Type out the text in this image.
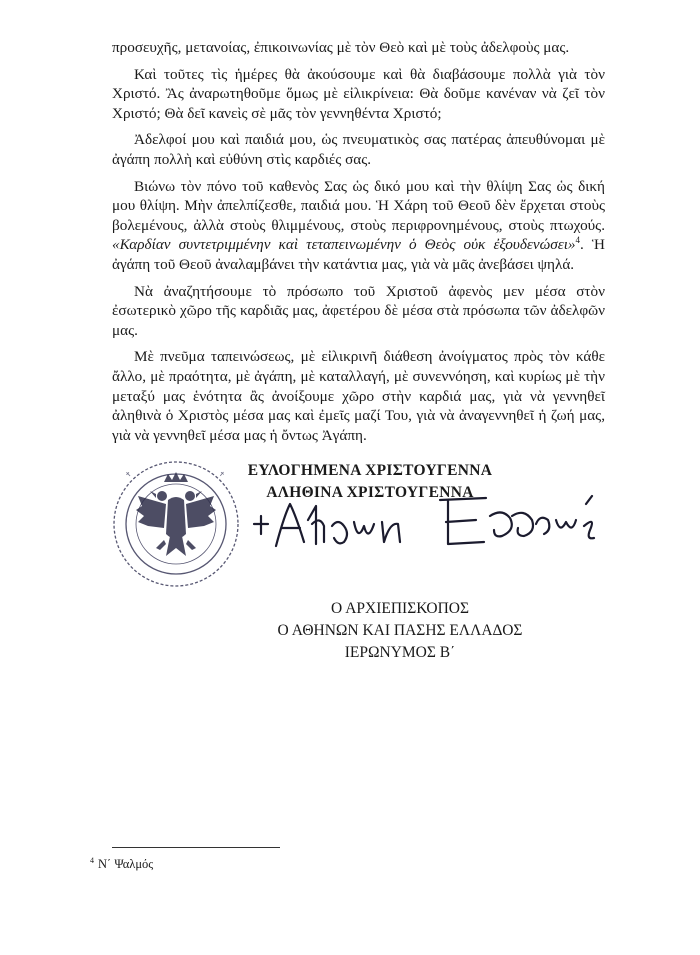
προσευχῆς, μετανοίας, ἐπικοινωνίας μὲ τὸν Θεὸ καὶ μὲ τοὺς ἀδελφοὺς μας.

Καὶ τοῦτες τὶς ἡμέρες θὰ ἀκούσουμε καὶ θὰ διαβάσουμε πολλὰ γιὰ τὸν Χριστό. Ἂς ἀναρωτηθοῦμε ὅμως μὲ εἰλικρίνεια: Θὰ δοῦμε κανέναν νὰ ζεῖ τὸν Χριστό; Θὰ δεῖ κανεὶς σὲ μᾶς τὸν γεννηθέντα Χριστό;

Ἀδελφοί μου καὶ παιδιά μου, ὡς πνευματικὸς σας πατέρας ἀπευθύνομαι μὲ ἀγάπη πολλὴ καὶ εὐθύνη στὶς καρδιές σας.

Βιώνω τὸν πόνο τοῦ καθενὸς Σας ὡς δικό μου καὶ τὴν θλίψη Σας ὡς δική μου θλίψη. Μὴν ἀπελπίζεσθε, παιδιά μου. Ἡ Χάρη τοῦ Θεοῦ δὲν ἔρχεται στοὺς βολεμένους, ἀλλὰ στοὺς θλιμμένους, στοὺς περιφρονημένους, στοὺς πτωχούς. «Καρδίαν συντετριμμένην καὶ τεταπεινωμένην ὁ Θεὸς οὐκ ἐξουδενώσει»$^4$. Ἡ ἀγάπη τοῦ Θεοῦ ἀναλαμβάνει τὴν κατάντια μας, γιὰ νὰ μᾶς ἀνεβάσει ψηλά.

Νὰ ἀναζητήσουμε τὸ πρόσωπο τοῦ Χριστοῦ ἀφενὸς μεν μέσα στὸν ἐσωτερικὸ χῶρο τῆς καρδιᾶς μας, ἀφετέρου δὲ μέσα στὰ πρόσωπα τῶν ἀδελφῶν μας.

Μὲ πνεῦμα ταπεινώσεως, μὲ εἰλικρινῆ διάθεση ἀνοίγματος πρὸς τὸν κάθε ἄλλο, μὲ πραότητα, μὲ ἀγάπη, μὲ καταλλαγή, μὲ συνεννόηση, καὶ κυρίως μὲ τὴν μεταξύ μας ἑνότητα ἂς ἀνοίξουμε χῶρο στὴν καρδιά μας, γιὰ νὰ γεννηθεῖ ἀληθινὰ ὁ Χριστὸς μέσα μας καὶ ἐμεῖς μαζί Του, γιὰ νὰ ἀναγεννηθεῖ ἡ ζωή μας, γιὰ νὰ γεννηθεῖ μέσα μας ἡ ὄντως Ἀγάπη.

ΕΥΛΟΓΗΜΕΝΑ ΧΡΙΣΤΟΥΓΕΝΝΑ
ΑΛΗΘΙΝΑ ΧΡΙΣΤΟΥΓΕΝΝΑ
✝	✝
Ο ΑΡΧΙΕΠΙΣΚΟΠΟΣ
Ο ΑΘΗΝΩΝ ΚΑΙ ΠΑΣΗΣ ΕΛΛΑΔΟΣ
ΙΕΡΩΝΥΜΟΣ Β΄
$^4$ Ν΄ Ψαλμός
